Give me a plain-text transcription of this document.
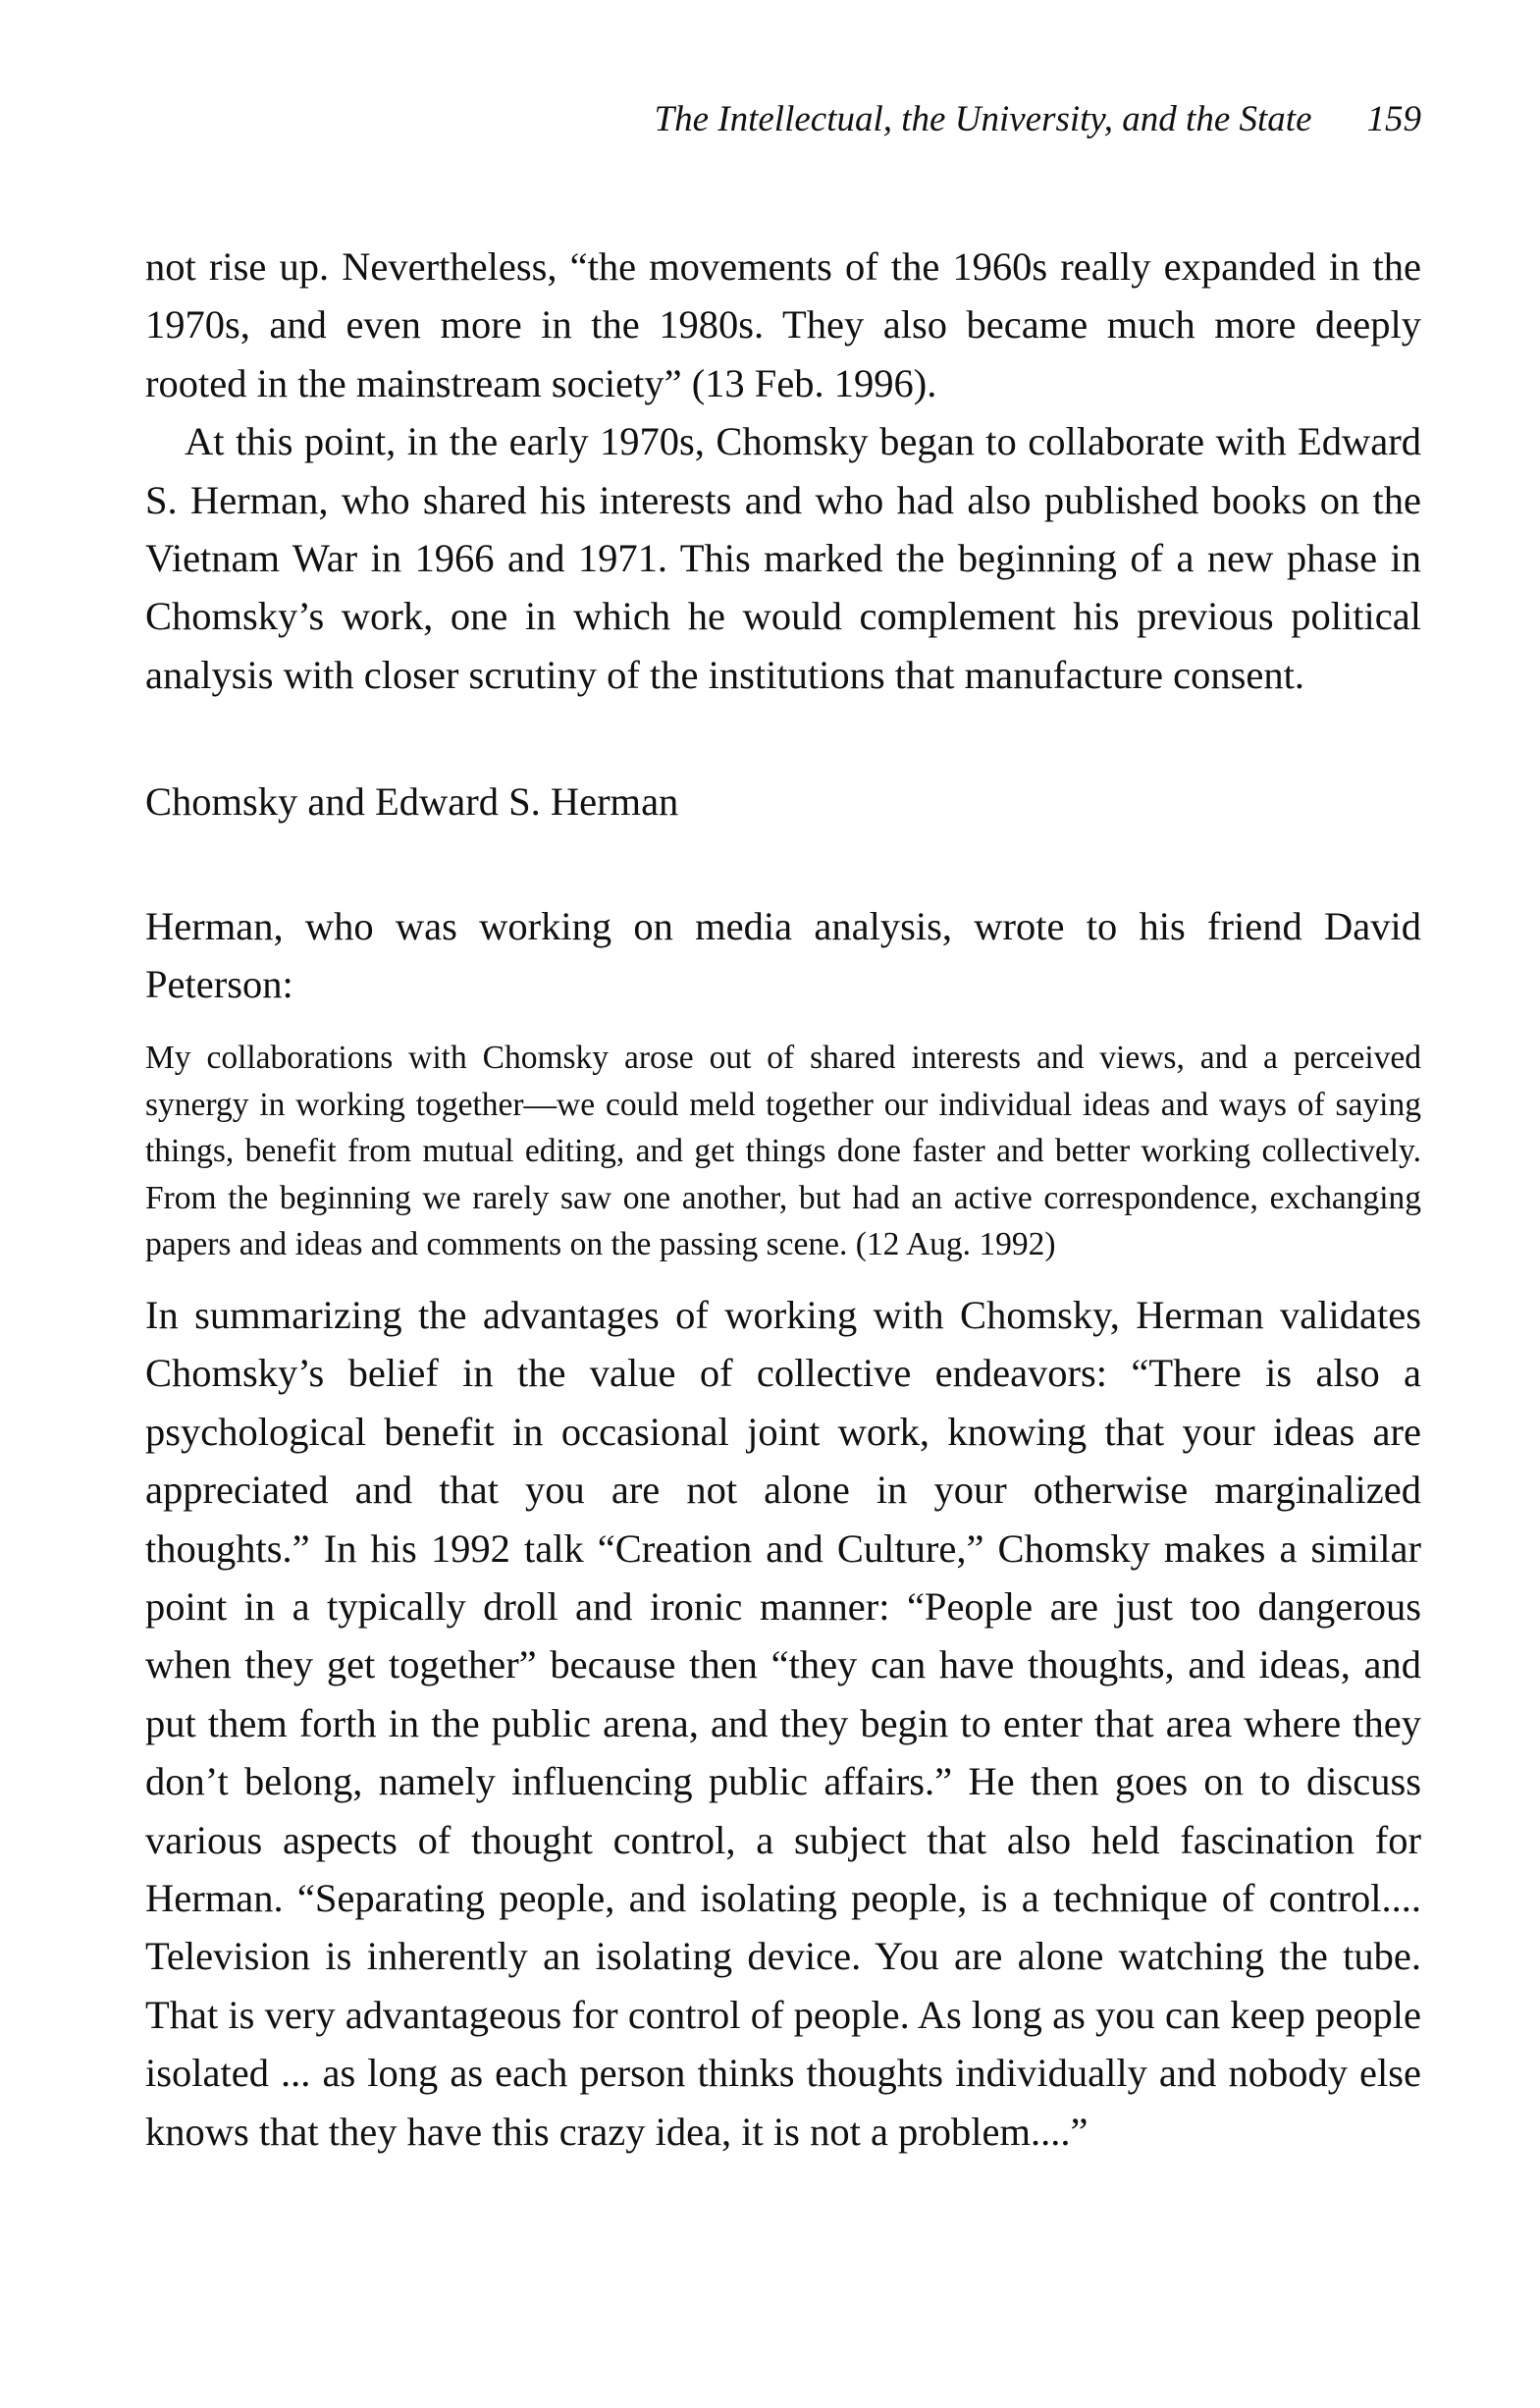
The Intellectual, the University, and the State 159

not rise up. Nevertheless, “the movements of the 1960s really expanded in the 1970s, and even more in the 1980s. They also became much more deeply rooted in the mainstream society” (13 Feb. 1996).

At this point, in the early 1970s, Chomsky began to collaborate with Edward S. Herman, who shared his interests and who had also published books on the Vietnam War in 1966 and 1971. This marked the beginning of a new phase in Chomsky’s work, one in which he would complement his previous political analysis with closer scrutiny of the institutions that manufacture consent.

Chomsky and Edward S. Herman

Herman, who was working on media analysis, wrote to his friend David Peterson:

My collaborations with Chomsky arose out of shared interests and views, and a perceived synergy in working together—we could meld together our individual ideas and ways of saying things, benefit from mutual editing, and get things done faster and better working collectively. From the beginning we rarely saw one another, but had an active correspondence, exchanging papers and ideas and comments on the passing scene. (12 Aug. 1992)

In summarizing the advantages of working with Chomsky, Herman validates Chomsky’s belief in the value of collective endeavors: “There is also a psychological benefit in occasional joint work, knowing that your ideas are appreciated and that you are not alone in your otherwise marginalized thoughts.” In his 1992 talk “Creation and Culture,” Chomsky makes a similar point in a typically droll and ironic manner: “People are just too dangerous when they get together” because then “they can have thoughts, and ideas, and put them forth in the public arena, and they begin to enter that area where they don’t belong, namely influencing public affairs.” He then goes on to discuss various aspects of thought control, a subject that also held fascination for Herman. “Separating people, and isolating people, is a technique of control.... Television is inherently an isolating device. You are alone watching the tube. That is very advantageous for control of people. As long as you can keep people isolated ... as long as each person thinks thoughts individually and nobody else knows that they have this crazy idea, it is not a problem....”
